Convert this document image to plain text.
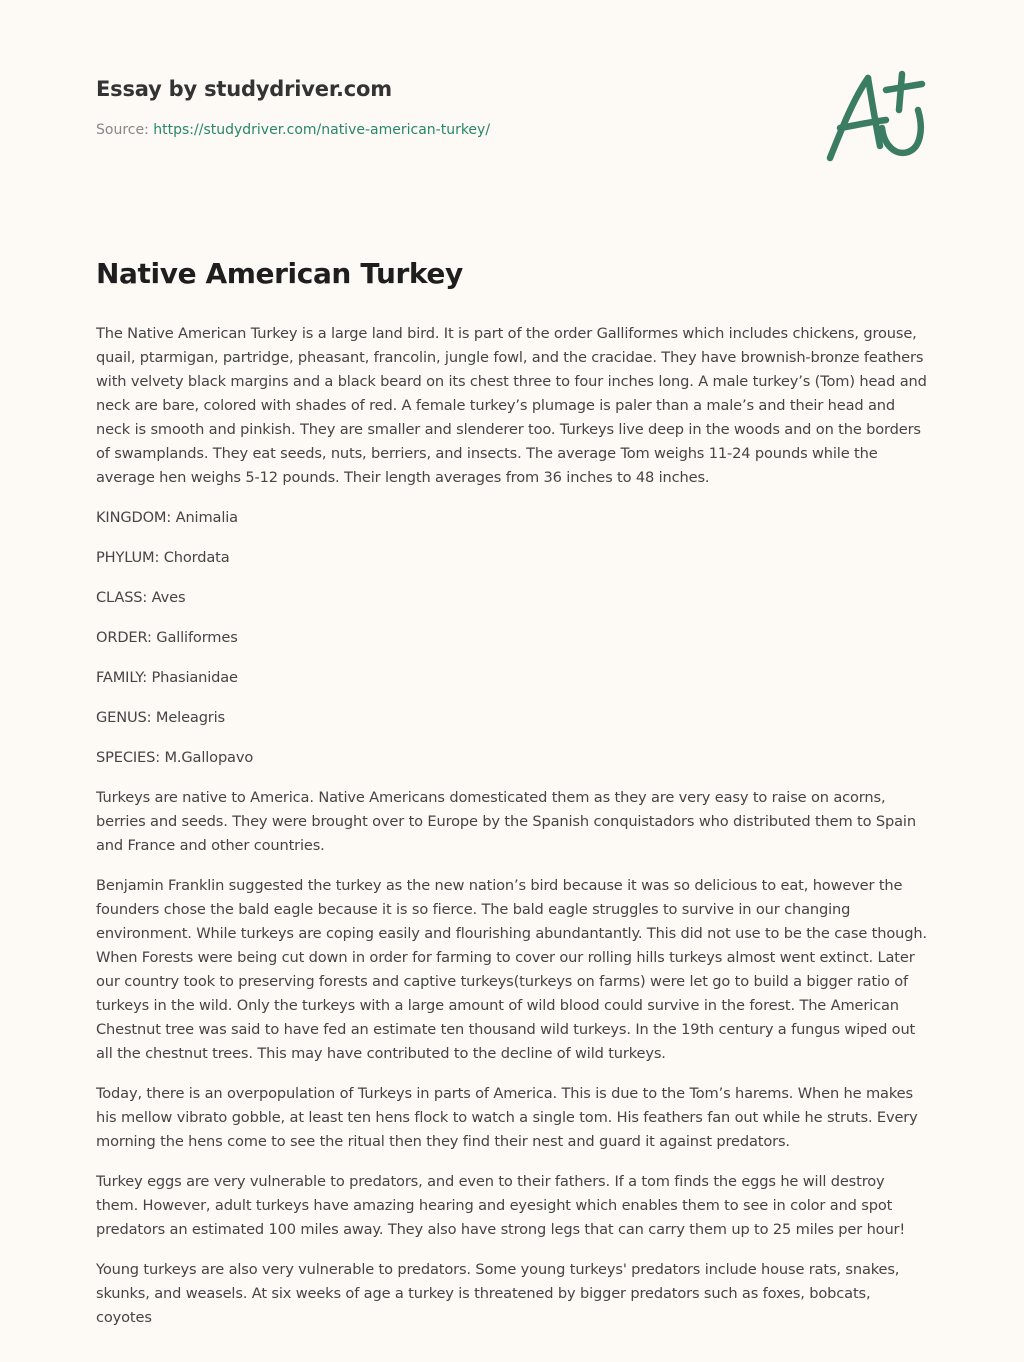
Essay by studydriver.com
Source: https://studydriver.com/native-american-turkey/
Native American Turkey

The Native American Turkey is a large land bird. It is part of the order Galliformes which includes chickens, grouse, quail, ptarmigan, partridge, pheasant, francolin, jungle fowl, and the cracidae. They have brownish-bronze feathers with velvety black margins and a black beard on its chest three to four inches long. A male turkey’s (Tom) head and neck are bare, colored with shades of red. A female turkey’s plumage is paler than a male’s and their head and neck is smooth and pinkish. They are smaller and slenderer too. Turkeys live deep in the woods and on the borders of swamplands. They eat seeds, nuts, berriers, and insects. The average Tom weighs 11-24 pounds while the average hen weighs 5-12 pounds. Their length averages from 36 inches to 48 inches.

KINGDOM: Animalia

PHYLUM: Chordata

CLASS: Aves

ORDER: Galliformes

FAMILY: Phasianidae

GENUS: Meleagris

SPECIES: M.Gallopavo

Turkeys are native to America. Native Americans domesticated them as they are very easy to raise on acorns, berries and seeds. They were brought over to Europe by the Spanish conquistadors who distributed them to Spain and France and other countries.

Benjamin Franklin suggested the turkey as the new nation’s bird because it was so delicious to eat, however the founders chose the bald eagle because it is so fierce. The bald eagle struggles to survive in our changing environment. While turkeys are coping easily and flourishing abundantantly. This did not use to be the case though. When Forests were being cut down in order for farming to cover our rolling hills turkeys almost went extinct. Later our country took to preserving forests and captive turkeys(turkeys on farms) were let go to build a bigger ratio of turkeys in the wild. Only the turkeys with a large amount of wild blood could survive in the forest. The American Chestnut tree was said to have fed an estimate ten thousand wild turkeys. In the 19th century a fungus wiped out all the chestnut trees. This may have contributed to the decline of wild turkeys.

Today, there is an overpopulation of Turkeys in parts of America. This is due to the Tom’s harems. When he makes his mellow vibrato gobble, at least ten hens flock to watch a single tom. His feathers fan out while he struts. Every morning the hens come to see the ritual then they find their nest and guard it against predators.

Turkey eggs are very vulnerable to predators, and even to their fathers. If a tom finds the eggs he will destroy them. However, adult turkeys have amazing hearing and eyesight which enables them to see in color and spot predators an estimated 100 miles away. They also have strong legs that can carry them up to 25 miles per hour!

Young turkeys are also very vulnerable to predators. Some young turkeys' predators include house rats, snakes, skunks, and weasels. At six weeks of age a turkey is threatened by bigger predators such as foxes, bobcats, coyotes
